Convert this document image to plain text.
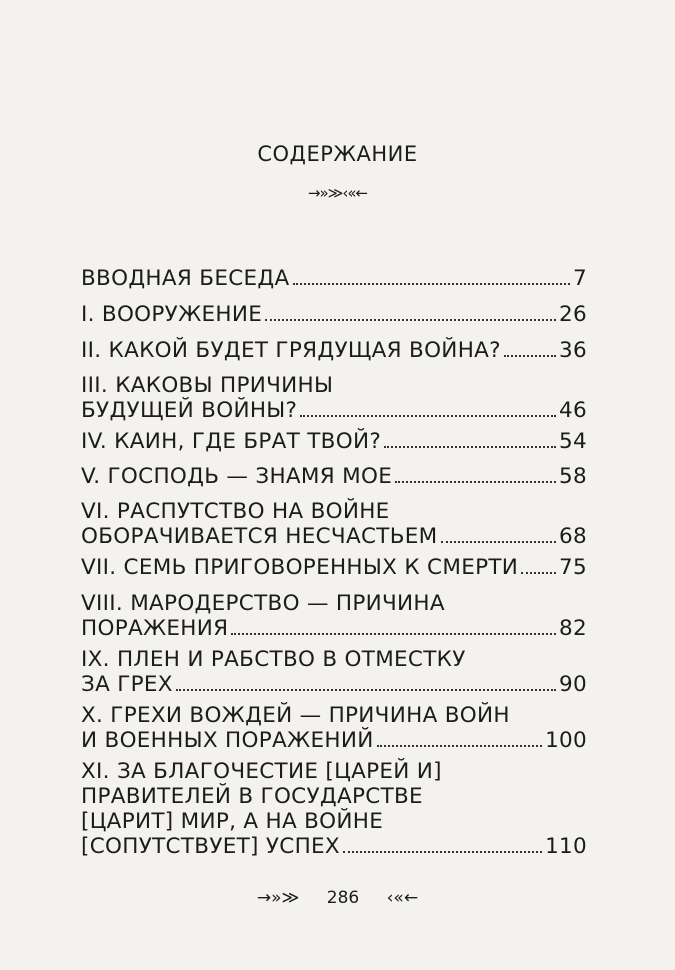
СОДЕРЖАНИЕ
→»≫‹«←
ВВОДНАЯ БЕСЕДА	7
I. ВООРУЖЕНИЕ	26
II. КАКОЙ БУДЕТ ГРЯДУЩАЯ ВОЙНА?	36
III. КАКОВЫ ПРИЧИНЫ
БУДУЩЕЙ ВОЙНЫ?	46
IV. КАИН, ГДЕ БРАТ ТВОЙ?	54
V. ГОСПОДЬ — ЗНАМЯ МОЕ	58
VI. РАСПУТСТВО НА ВОЙНЕ
ОБОРАЧИВАЕТСЯ НЕСЧАСТЬЕМ	68
VII. СЕМЬ ПРИГОВОРЕННЫХ К СМЕРТИ 75
VIII. МАРОДЕРСТВО — ПРИЧИНА
ПОРАЖЕНИЯ	82
IX. ПЛЕН И РАБСТВО В ОТМЕСТКУ
ЗА ГРЕХ	90
X. ГРЕХИ ВОЖДЕЙ — ПРИЧИНА ВОЙН
И ВОЕННЫХ ПОРАЖЕНИЙ	100
XI. ЗА БЛАГОЧЕСТИЕ [ЦАРЕЙ И]
ПРАВИТЕЛЕЙ В ГОСУДАРСТВЕ
[ЦАРИТ] МИР, А НА ВОЙНЕ
[СОПУТСТВУЕТ] УСПЕХ	110
→»≫ 286 ‹«←
